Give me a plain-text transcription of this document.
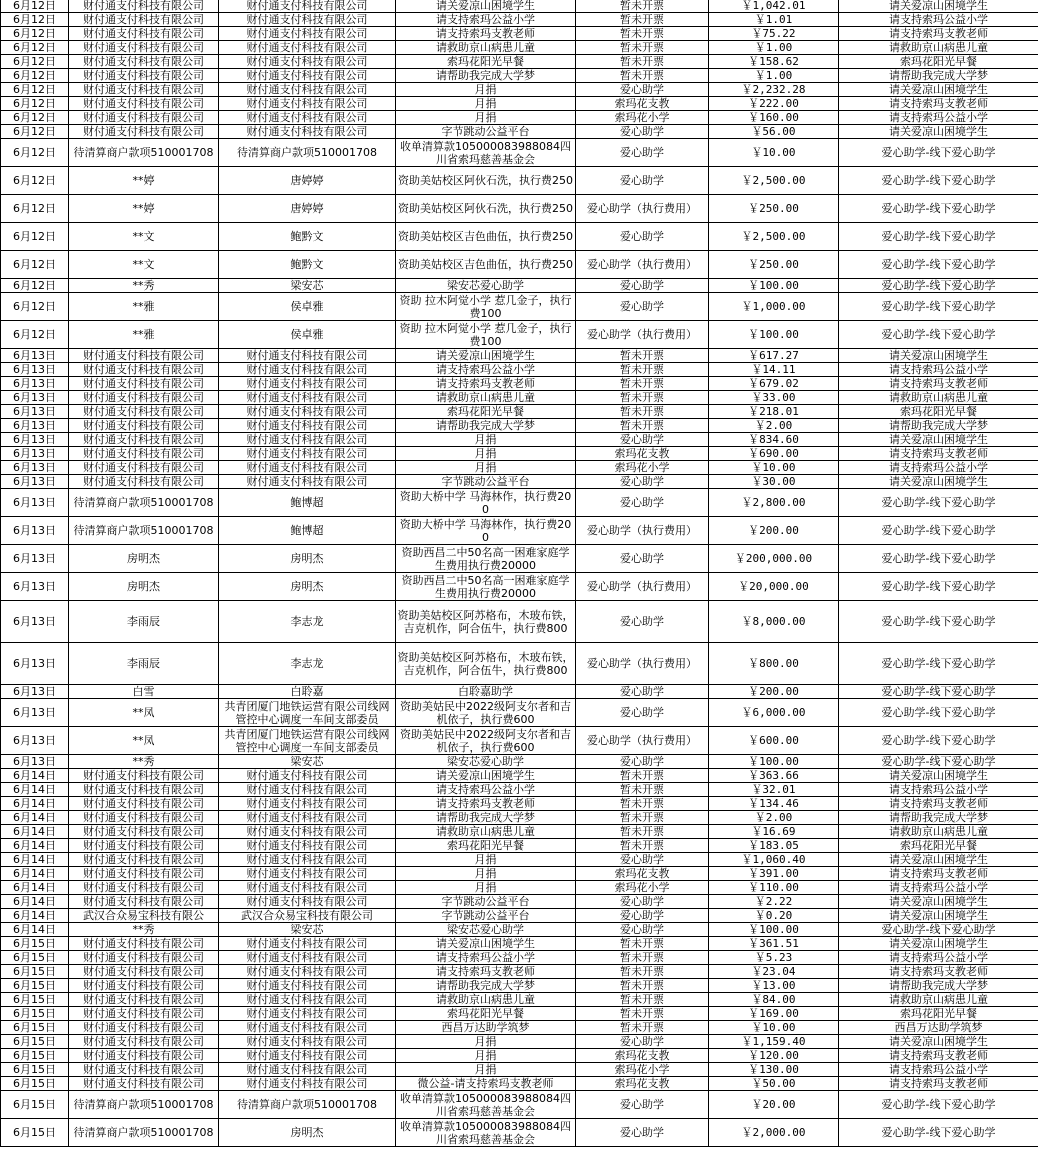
6月12日	财付通支付科技有限公司	财付通支付科技有限公司	请关爱凉山困境学生	暂未开票	￥1,042.01	请关爱凉山困境学生
6月12日	财付通支付科技有限公司	财付通支付科技有限公司	请支持索玛公益小学	暂未开票	￥1.01	请支持索玛公益小学
6月12日	财付通支付科技有限公司	财付通支付科技有限公司	请支持索玛支教老师	暂未开票	￥75.22	请支持索玛支教老师
6月12日	财付通支付科技有限公司	财付通支付科技有限公司	请救助京山病患儿童	暂未开票	￥1.00	请救助京山病患儿童
6月12日	财付通支付科技有限公司	财付通支付科技有限公司	索玛花阳光早餐	暂未开票	￥158.62	索玛花阳光早餐
6月12日	财付通支付科技有限公司	财付通支付科技有限公司	请帮助我完成大学梦	暂未开票	￥1.00	请帮助我完成大学梦
6月12日	财付通支付科技有限公司	财付通支付科技有限公司	月捐	爱心助学	￥2,232.28	请关爱凉山困境学生
6月12日	财付通支付科技有限公司	财付通支付科技有限公司	月捐	索玛花支教	￥222.00	请支持索玛支教老师
6月12日	财付通支付科技有限公司	财付通支付科技有限公司	月捐	索玛花小学	￥160.00	请支持索玛公益小学
6月12日	财付通支付科技有限公司	财付通支付科技有限公司	字节跳动公益平台	爱心助学	￥56.00	请关爱凉山困境学生
6月12日	待清算商户款项510001708	待清算商户款项510001708	收单清算款105000083988084四川省索玛慈善基金会	爱心助学	￥10.00	爱心助学-线下爱心助学
6月12日	**婷	唐婷婷	资助美姑校区阿伙石洗，执行费250	爱心助学	￥2,500.00	爱心助学-线下爱心助学
6月12日	**婷	唐婷婷	资助美姑校区阿伙石洗，执行费250	爱心助学（执行费用）	￥250.00	爱心助学-线下爱心助学
6月12日	**文	鲍黔文	资助美姑校区吉色曲伍，执行费250	爱心助学	￥2,500.00	爱心助学-线下爱心助学
6月12日	**文	鲍黔文	资助美姑校区吉色曲伍，执行费250	爱心助学（执行费用）	￥250.00	爱心助学-线下爱心助学
6月12日	**秀	梁安芯	梁安芯爱心助学	爱心助学	￥100.00	爱心助学-线下爱心助学
6月12日	**雅	侯卓雅	资助 拉木阿觉小学 惹几金子，执行费100	爱心助学	￥1,000.00	爱心助学-线下爱心助学
6月12日	**雅	侯卓雅	资助 拉木阿觉小学 惹几金子，执行费100	爱心助学（执行费用）	￥100.00	爱心助学-线下爱心助学
6月13日	财付通支付科技有限公司	财付通支付科技有限公司	请关爱凉山困境学生	暂未开票	￥617.27	请关爱凉山困境学生
6月13日	财付通支付科技有限公司	财付通支付科技有限公司	请支持索玛公益小学	暂未开票	￥14.11	请支持索玛公益小学
6月13日	财付通支付科技有限公司	财付通支付科技有限公司	请支持索玛支教老师	暂未开票	￥679.02	请支持索玛支教老师
6月13日	财付通支付科技有限公司	财付通支付科技有限公司	请救助京山病患儿童	暂未开票	￥33.00	请救助京山病患儿童
6月13日	财付通支付科技有限公司	财付通支付科技有限公司	索玛花阳光早餐	暂未开票	￥218.01	索玛花阳光早餐
6月13日	财付通支付科技有限公司	财付通支付科技有限公司	请帮助我完成大学梦	暂未开票	￥2.00	请帮助我完成大学梦
6月13日	财付通支付科技有限公司	财付通支付科技有限公司	月捐	爱心助学	￥834.60	请关爱凉山困境学生
6月13日	财付通支付科技有限公司	财付通支付科技有限公司	月捐	索玛花支教	￥690.00	请支持索玛支教老师
6月13日	财付通支付科技有限公司	财付通支付科技有限公司	月捐	索玛花小学	￥10.00	请支持索玛公益小学
6月13日	财付通支付科技有限公司	财付通支付科技有限公司	字节跳动公益平台	爱心助学	￥30.00	请关爱凉山困境学生
6月13日	待清算商户款项510001708	鲍博超	资助大桥中学 马海林作，执行费200	爱心助学	￥2,800.00	爱心助学-线下爱心助学
6月13日	待清算商户款项510001708	鲍博超	资助大桥中学 马海林作，执行费200	爱心助学（执行费用）	￥200.00	爱心助学-线下爱心助学
6月13日	房明杰	房明杰	资助西昌二中50名高一困难家庭学生费用执行费20000	爱心助学	￥200,000.00	爱心助学-线下爱心助学
6月13日	房明杰	房明杰	资助西昌二中50名高一困难家庭学生费用执行费20000	爱心助学（执行费用）	￥20,000.00	爱心助学-线下爱心助学
6月13日	李雨辰	李志龙	资助美姑校区阿苏格布，木玻布铁，吉克机作，阿合伍牛，执行费800	爱心助学	￥8,000.00	爱心助学-线下爱心助学
6月13日	李雨辰	李志龙	资助美姑校区阿苏格布，木玻布铁，吉克机作，阿合伍牛，执行费800	爱心助学（执行费用）	￥800.00	爱心助学-线下爱心助学
6月13日	白雪	白聆嘉	白聆嘉助学	爱心助学	￥200.00	爱心助学-线下爱心助学
6月13日	**凤	共青团厦门地铁运营有限公司线网管控中心调度一车间支部委员	资助美姑民中2022级阿支尔者和吉机依子，执行费600	爱心助学	￥6,000.00	爱心助学-线下爱心助学
6月13日	**凤	共青团厦门地铁运营有限公司线网管控中心调度一车间支部委员	资助美姑民中2022级阿支尔者和吉机依子，执行费600	爱心助学（执行费用）	￥600.00	爱心助学-线下爱心助学
6月13日	**秀	梁安芯	梁安芯爱心助学	爱心助学	￥100.00	爱心助学-线下爱心助学
6月14日	财付通支付科技有限公司	财付通支付科技有限公司	请关爱凉山困境学生	暂未开票	￥363.66	请关爱凉山困境学生
6月14日	财付通支付科技有限公司	财付通支付科技有限公司	请支持索玛公益小学	暂未开票	￥32.01	请支持索玛公益小学
6月14日	财付通支付科技有限公司	财付通支付科技有限公司	请支持索玛支教老师	暂未开票	￥134.46	请支持索玛支教老师
6月14日	财付通支付科技有限公司	财付通支付科技有限公司	请帮助我完成大学梦	暂未开票	￥2.00	请帮助我完成大学梦
6月14日	财付通支付科技有限公司	财付通支付科技有限公司	请救助京山病患儿童	暂未开票	￥16.69	请救助京山病患儿童
6月14日	财付通支付科技有限公司	财付通支付科技有限公司	索玛花阳光早餐	暂未开票	￥183.05	索玛花阳光早餐
6月14日	财付通支付科技有限公司	财付通支付科技有限公司	月捐	爱心助学	￥1,060.40	请关爱凉山困境学生
6月14日	财付通支付科技有限公司	财付通支付科技有限公司	月捐	索玛花支教	￥391.00	请支持索玛支教老师
6月14日	财付通支付科技有限公司	财付通支付科技有限公司	月捐	索玛花小学	￥110.00	请支持索玛公益小学
6月14日	财付通支付科技有限公司	财付通支付科技有限公司	字节跳动公益平台	爱心助学	￥2.22	请关爱凉山困境学生
6月14日	武汉合众易宝科技有限公	武汉合众易宝科技有限公司	字节跳动公益平台	爱心助学	￥0.20	请关爱凉山困境学生
6月14日	**秀	梁安芯	梁安芯爱心助学	爱心助学	￥100.00	爱心助学-线下爱心助学
6月15日	财付通支付科技有限公司	财付通支付科技有限公司	请关爱凉山困境学生	暂未开票	￥361.51	请关爱凉山困境学生
6月15日	财付通支付科技有限公司	财付通支付科技有限公司	请支持索玛公益小学	暂未开票	￥5.23	请支持索玛公益小学
6月15日	财付通支付科技有限公司	财付通支付科技有限公司	请支持索玛支教老师	暂未开票	￥23.04	请支持索玛支教老师
6月15日	财付通支付科技有限公司	财付通支付科技有限公司	请帮助我完成大学梦	暂未开票	￥13.00	请帮助我完成大学梦
6月15日	财付通支付科技有限公司	财付通支付科技有限公司	请救助京山病患儿童	暂未开票	￥84.00	请救助京山病患儿童
6月15日	财付通支付科技有限公司	财付通支付科技有限公司	索玛花阳光早餐	暂未开票	￥169.00	索玛花阳光早餐
6月15日	财付通支付科技有限公司	财付通支付科技有限公司	西昌万达助学筑梦	暂未开票	￥10.00	西昌万达助学筑梦
6月15日	财付通支付科技有限公司	财付通支付科技有限公司	月捐	爱心助学	￥1,159.40	请关爱凉山困境学生
6月15日	财付通支付科技有限公司	财付通支付科技有限公司	月捐	索玛花支教	￥120.00	请支持索玛支教老师
6月15日	财付通支付科技有限公司	财付通支付科技有限公司	月捐	索玛花小学	￥130.00	请支持索玛公益小学
6月15日	财付通支付科技有限公司	财付通支付科技有限公司	微公益-请支持索玛支教老师	索玛花支教	￥50.00	请支持索玛支教老师
6月15日	待清算商户款项510001708	待清算商户款项510001708	收单清算款105000083988084四川省索玛慈善基金会	爱心助学	￥20.00	爱心助学-线下爱心助学
6月15日	待清算商户款项510001708	房明杰	收单清算款105000083988084四川省索玛慈善基金会	爱心助学	￥2,000.00	爱心助学-线下爱心助学
